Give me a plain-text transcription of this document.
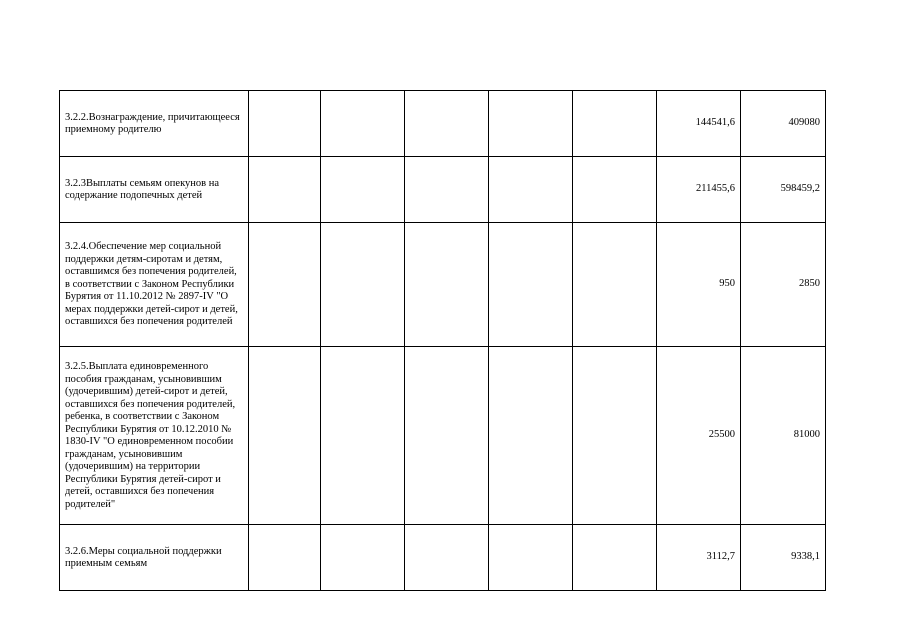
3.2.2.Вознаграждение, причитающееся приемному родителю						144541,6	409080
3.2.3Выплаты семьям опекунов на содержание подопечных детей						211455,6	598459,2
3.2.4.Обеспечение мер социальной поддержки детям-сиротам и детям, оставшимся без попечения родителей, в соответствии с Законом Республики Бурятия от 11.10.2012 № 2897-IV "О мерах поддержки детей-сирот и детей, оставшихся без попечения родителей						950	2850
3.2.5.Выплата единовременного пособия гражданам, усыновившим (удочерившим) детей-сирот и детей, оставшихся без попечения родителей, ребенка, в соответствии с Законом Республики Бурятия от 10.12.2010 № 1830-IV "О единовременном пособии гражданам, усыновившим (удочерившим) на территории Республики Бурятия детей-сирот и детей, оставшихся без попечения родителей"						25500	81000
3.2.6.Меры социальной поддержки приемным семьям						3112,7	9338,1
